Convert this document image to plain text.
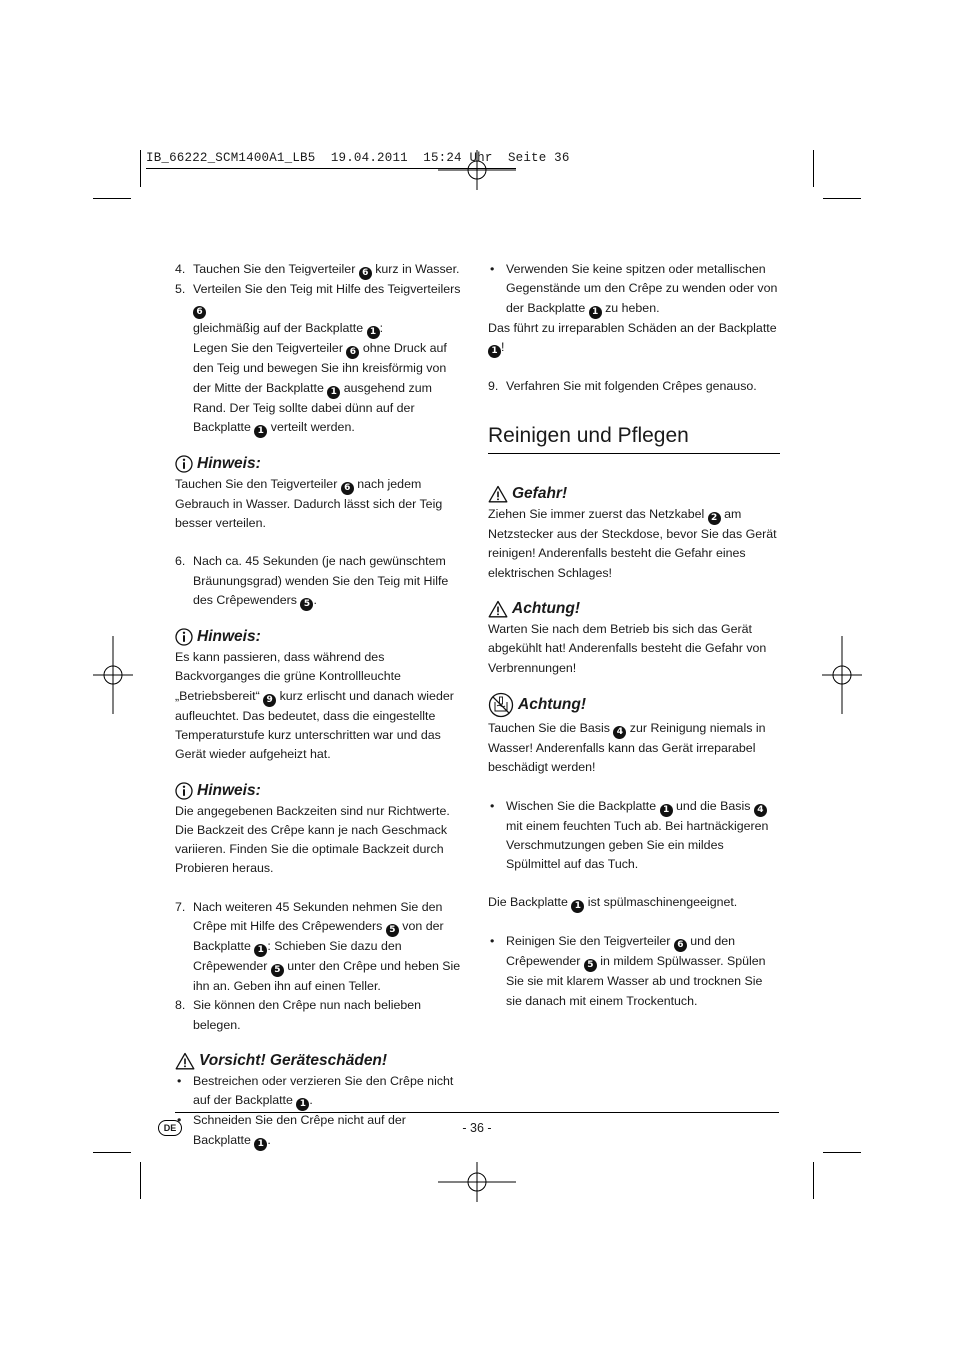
IB_66222_SCM1400A1_LB5  19.04.2011  15:24 Uhr  Seite 36
4. Tauchen Sie den Teigverteiler 6 kurz in Wasser.
5. Verteilen Sie den Teig mit Hilfe des Teigverteilers 6
gleichmäßig auf der Backplatte 1 :
Legen Sie den Teigverteiler 6 ohne Druck auf den Teig und bewegen Sie ihn kreisförmig von der Mitte der Backplatte 1 ausgehend zum Rand. Der Teig sollte dabei dünn auf der Backplatte 1 verteilt werden.
Hinweis:

Tauchen Sie den Teigverteiler 6 nach jedem Gebrauch in Wasser. Dadurch lässt sich der Teig besser verteilen.

6. Nach ca. 45 Sekunden (je nach gewünschtem Bräunungsgrad) wenden Sie den Teig mit Hilfe des Crêpewenders 5 .
Hinweis:

Es kann passieren, dass während des Backvorganges die grüne Kontrollleuchte „Betriebsbereit“ 9 kurz erlischt und danach wieder aufleuchtet. Das bedeutet, dass die eingestellte Temperaturstufe kurz unterschritten war und das Gerät wieder aufgeheizt hat.

Hinweis:

Die angegebenen Backzeiten sind nur Richtwerte. Die Backzeit des Crêpe kann je nach Geschmack variieren. Finden Sie die optimale Backzeit durch Probieren heraus.

7. Nach weiteren 45 Sekunden nehmen Sie den Crêpe mit Hilfe des Crêpewenders 5 von der Backplatte 1 : Schieben Sie dazu den Crêpewender 5 unter den Crêpe und heben Sie ihn an. Geben ihn auf einen Teller.
8. Sie können den Crêpe nun nach belieben belegen.
Vorsicht! Geräteschäden!
• Bestreichen oder verzieren Sie den Crêpe nicht auf der Backplatte 1 .
• Schneiden Sie den Crêpe nicht auf der Backplatte 1 .
• Verwenden Sie keine spitzen oder metallischen Gegenstände um den Crêpe zu wenden oder von der Backplatte 1 zu heben.

Das führt zu irreparablen Schäden an der Backplatte 1 !

9. Verfahren Sie mit folgenden Crêpes genauso.
Reinigen und Pflegen
Gefahr!

Ziehen Sie immer zuerst das Netzkabel 2 am Netzstecker aus der Steckdose, bevor Sie das Gerät reinigen! Anderenfalls besteht die Gefahr eines elektrischen Schlages!

Achtung!

Warten Sie nach dem Betrieb bis sich das Gerät abgekühlt hat! Anderenfalls besteht die Gefahr von Verbrennungen!

Achtung!

Tauchen Sie die Basis 4 zur Reinigung niemals in Wasser! Anderenfalls kann das Gerät irreparabel beschädigt werden!

• Wischen Sie die Backplatte 1 und die Basis 4 mit einem feuchten Tuch ab. Bei hartnäckigeren Verschmutzungen geben Sie ein mildes Spülmittel auf das Tuch.

Die Backplatte 1 ist spülmaschinengeeignet.

• Reinigen Sie den Teigverteiler 6 und den Crêpewender 5 in mildem Spülwasser. Spülen Sie sie mit klarem Wasser ab und trocknen Sie sie danach mit einem Trockentuch.
DE	- 36 -
